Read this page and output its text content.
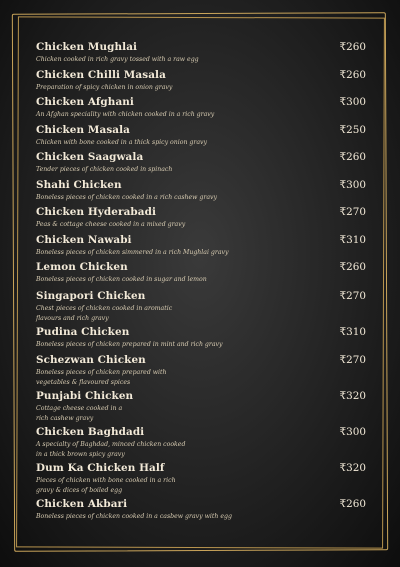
Chicken Mughlai	₹260
Chicken cooked in rich gravy tossed with a raw egg
Chicken Chilli Masala	₹260
Preparation of spicy chicken in onion gravy
Chicken Afghani	₹300
An Afghan speciality with chicken cooked in a rich gravy
Chicken Masala	₹250
Chicken with bone cooked in a thick spicy onion gravy
Chicken Saagwala	₹260
Tender pieces of chicken cooked in spinach
Shahi Chicken	₹300
Boneless pieces of chicken cooked in a rich cashew gravy
Chicken Hyderabadi	₹270
Peas & cottage cheese cooked in a mixed gravy
Chicken Nawabi	₹310
Boneless pieces of chicken simmered in a rich Mughlai gravy
Lemon Chicken	₹260
Boneless pieces of chicken cooked in sugar and lemon
Singapori Chicken	₹270
Chest pieces of chicken cooked in aromatic flavours and rich gravy
Pudina Chicken	₹310
Boneless pieces of chicken prepared in mint and rich gravy
Schezwan Chicken	₹270
Boneless pieces of chicken prepared with vegetables & flavoured spices
Punjabi Chicken	₹320
Cottage cheese cooked in a rich cashew gravy
Chicken Baghdadi	₹300
A specialty of Baghdad, minced chicken cooked in a thick brown spicy gravy
Dum Ka Chicken Half	₹320
Pieces of chicken with bone cooked in a rich gravy & dices of boiled egg
Chicken Akbari	₹260
Boneless pieces of chicken cooked in a casbew gravy with egg
